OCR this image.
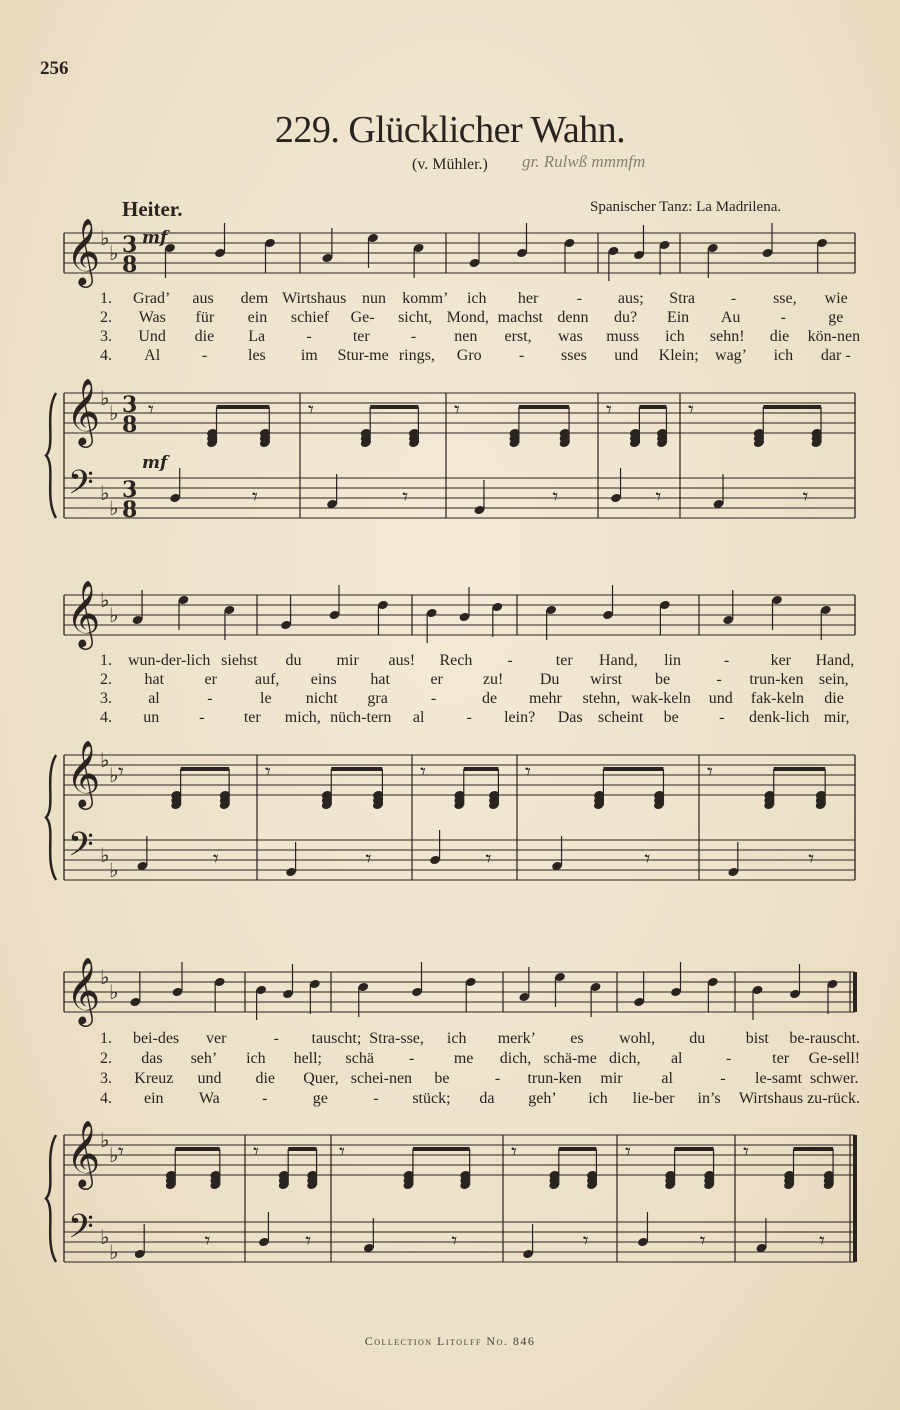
256
229. Glücklicher Wahn.
(v. Mühler.) gr. Rulwß mmmfm
Heiter.	Spanischer Tanz: La Madrilena.
𝄞
𝄞
𝄢
♭
♭
♭
♭
♭
♭
3
8
3
8
3
8
mf
mf
𝄾
𝄾
𝄾
𝄾
𝄾
𝄾
𝄾
𝄾
𝄾
𝄾
𝄞
𝄞
𝄢
♭
♭
♭
♭
♭
♭
𝄾
𝄾
𝄾
𝄾
𝄾
𝄾
𝄾
𝄾
𝄾
𝄾
𝄞
𝄞
𝄢
♭
♭
♭
♭
♭
♭
𝄾
𝄾
𝄾
𝄾
𝄾
𝄾
𝄾
𝄾
𝄾
𝄾
𝄾
𝄾
1.	Grad’	aus	dem Wirtshaus nun	komm’	ich	her	-	aus;	Stra	-	sse,	wie
2.	Was	für	ein	schief	Ge-	sicht, Mond, machst denn	du?	Ein	Au	-	ge
3.	Und	die	La	-	ter	-	nen	erst,	was	muss	ich	sehn!	die	kön-nen
4.	Al	-	les	im	Stur-me rings,	Gro	-	sses	und	Klein;	wag’	ich	dar -
1.	wun-der-lich siehst	du	mir	aus!	Rech	-	ter	Hand,	lin	-	ker	Hand,
2.	hat	er	auf,	eins	hat	er	zu!	Du	wirst	be	-	trun-ken sein,
3.	al	-	le	nicht	gra	-	de	mehr	stehn, wak-keln	und	fak-keln	die
4.	un	-	ter	mich, nüch-tern	al	-	lein?	Das scheint	be	-	denk-lich mir,
1.	bei-des	ver	-	tauscht; Stra-sse,	ich	merk’	es	wohl,	du	bist	be-rauscht.
2.	das	seh’	ich	hell;	schä	-	me	dich, schä-me dich,	al	-	ter	Ge-sell!
3.	Kreuz	und	die	Quer, schei-nen	be	-	trun-ken	mir	al	-	le-samt schwer.
4.	ein	Wa	-	ge	-	stück;	da	geh’	ich	lie-ber	in’s	Wirtshaus zu-rück.
Collection Litolff No. 846
